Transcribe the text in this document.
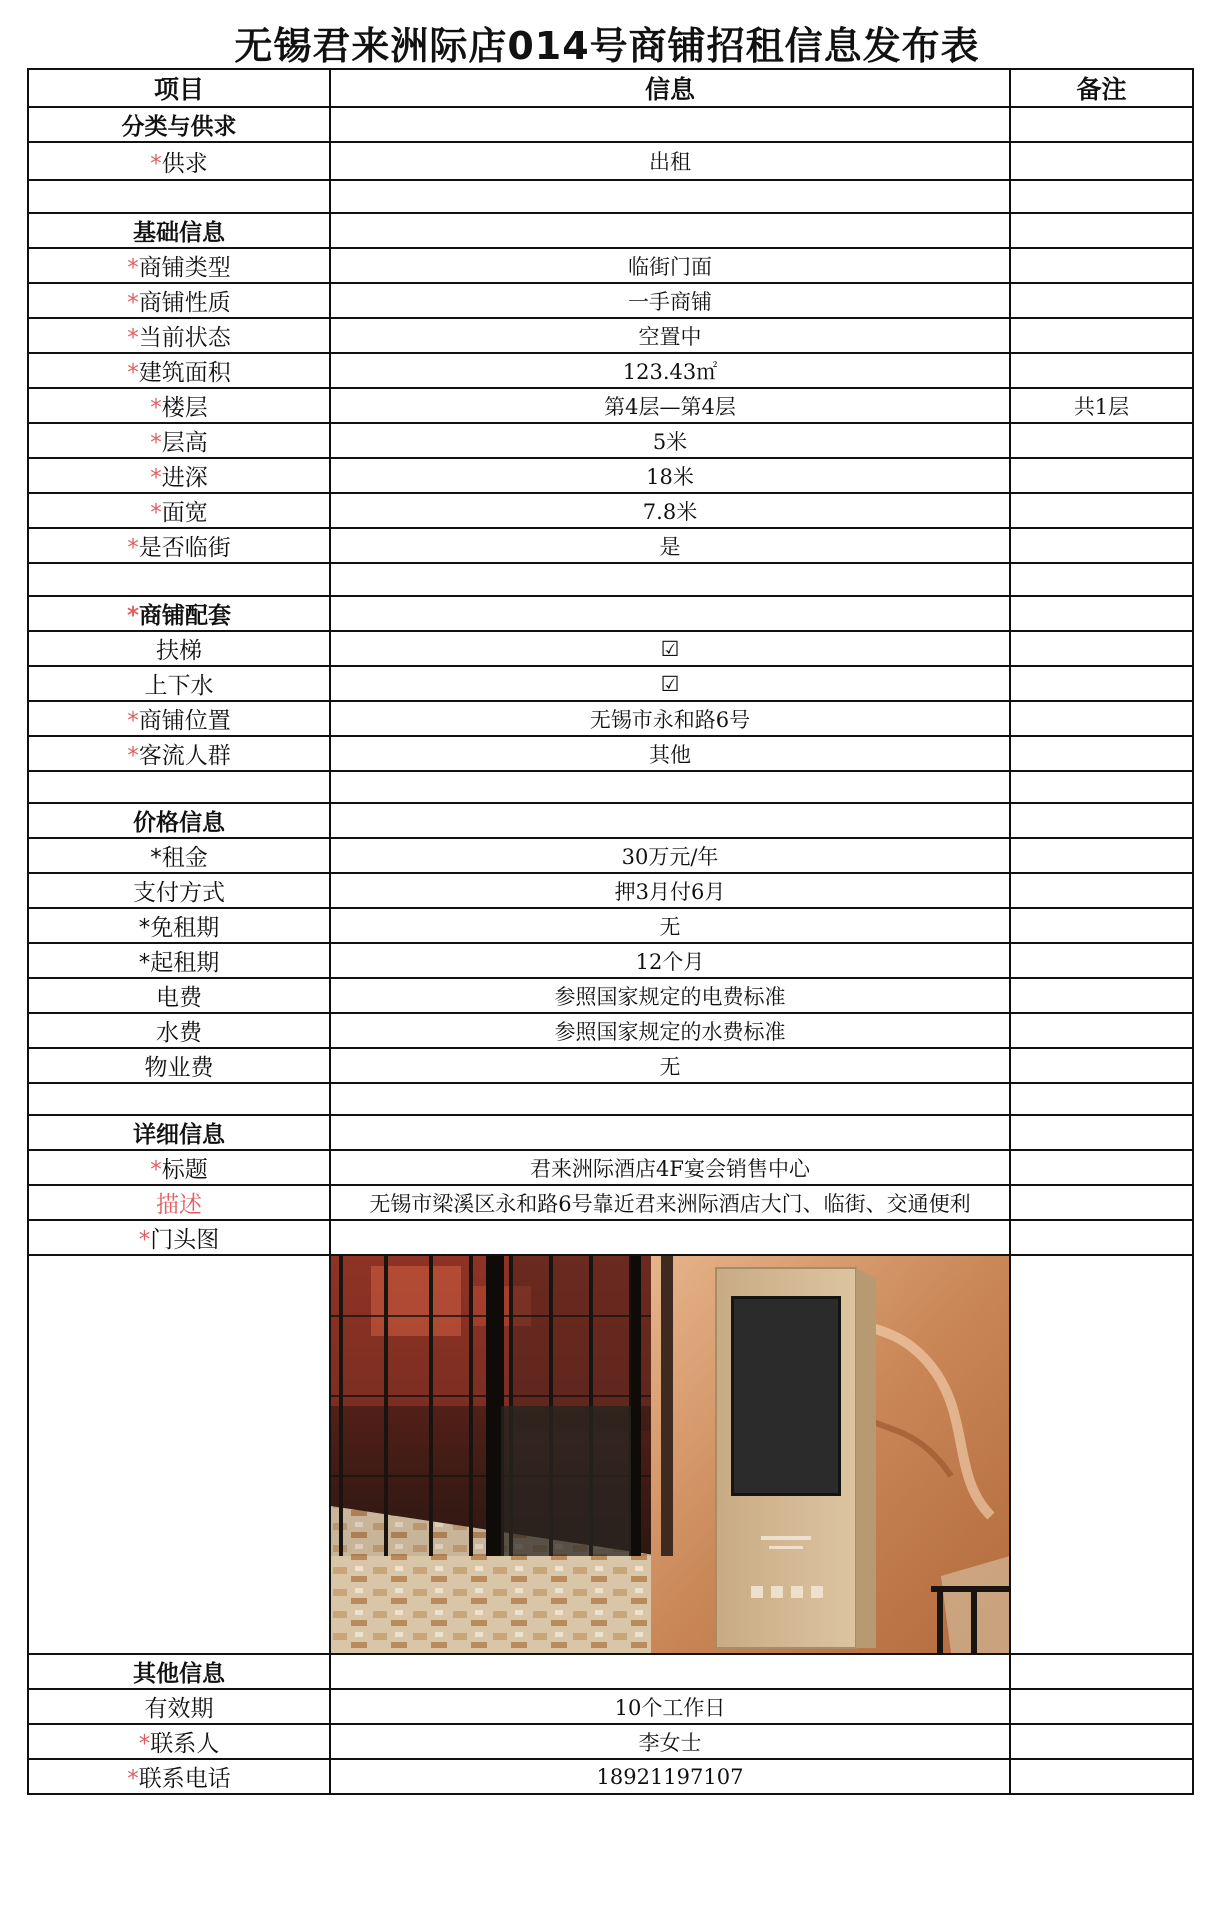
无锡君来洲际店014号商铺招租信息发布表
项目	信息	备注
分类与供求		
*供求	出租	

基础信息		
*商铺类型	临街门面	
*商铺性质	一手商铺	
*当前状态	空置中	
*建筑面积	123.43㎡	
*楼层	第4层—第4层	共1层
*层高	5米	
*进深	18米	
*面宽	7.8米	
*是否临街	是	

*商铺配套		
扶梯	☑	
上下水	☑	
*商铺位置	无锡市永和路6号	
*客流人群	其他	

价格信息		
*租金	30万元/年	
支付方式	押3月付6月	
*免租期	无	
*起租期	12个月	
电费	参照国家规定的电费标准	
水费	参照国家规定的水费标准	
物业费	无	

详细信息		
*标题	君来洲际酒店4F宴会销售中心	
描述	无锡市梁溪区永和路6号靠近君来洲际酒店大门、临街、交通便利	
*门头图		

其他信息		
有效期	10个工作日	
*联系人	李女士	
*联系电话	18921197107	
